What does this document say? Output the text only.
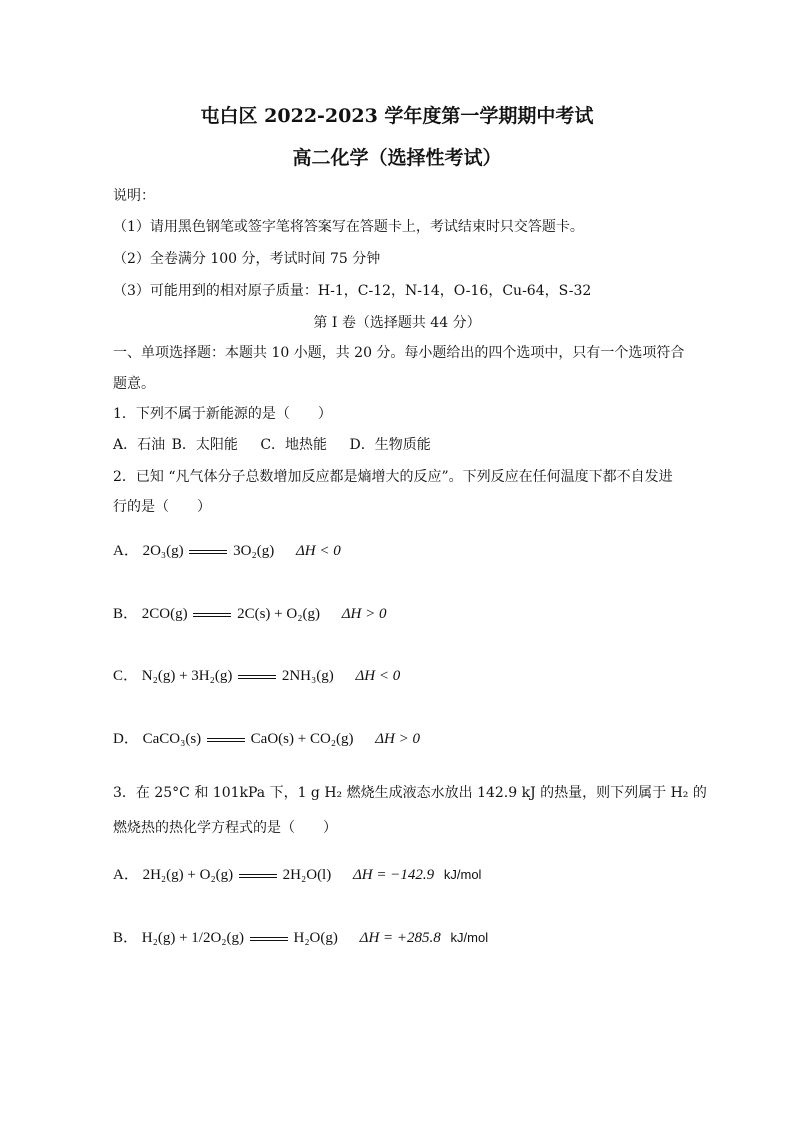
屯白区 2022-2023 学年度第一学期期中考试
高二化学（选择性考试）
说明：
（1）请用黑色钢笔或签字笔将答案写在答题卡上，考试结束时只交答题卡。
（2）全卷满分 100 分，考试时间 75 分钟
（3）可能用到的相对原子质量：H-1，C-12，N-14，O-16，Cu-64，S-32
第 I 卷（选择题共 44 分）
一、单项选择题：本题共 10 小题，共 20 分。每小题给出的四个选项中，只有一个选项符合
题意。
1．下列不属于新能源的是（　　）
A．石油 B．太阳能 C．地热能 D．生物质能
2．已知 “凡气体分子总数增加反应都是熵增大的反应”。下列反应在任何温度下都不自发进
行的是（　　）
A． 2O₃(g)	3O₂(g) ΔH < 0
B． 2CO(g)	2C(s) + O₂(g) ΔH > 0
C． N₂(g) + 3H₂(g)	2NH₃(g) ΔH < 0
D． CaCO₃(s)	CaO(s) + CO₂(g) ΔH > 0
3．在 25°C 和 101kPa 下，1 g H₂ 燃烧生成液态水放出 142.9 kJ 的热量，则下列属于 H₂ 的
燃烧热的热化学方程式的是（　　）
A． 2H₂(g) + O₂(g)	2H₂O(l) ΔH = −142.9 kJ/mol
B． H₂(g) + 1/2O₂(g)	H₂O(g) ΔH = +285.8 kJ/mol
